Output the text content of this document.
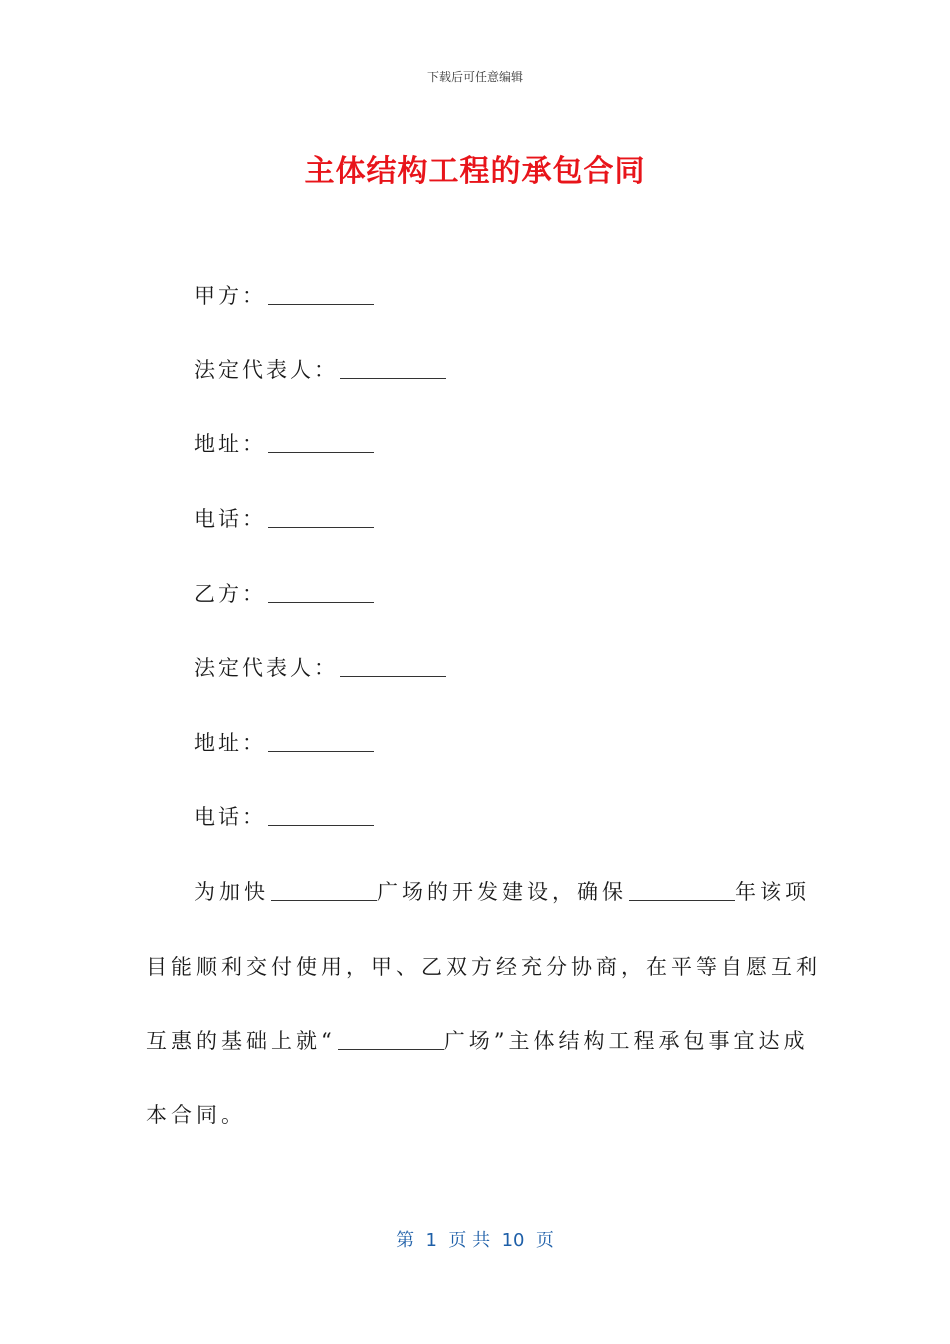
下载后可任意编辑
主体结构工程的承包合同
甲方：
法定代表人：
地址：
电话：
乙方：
法定代表人：
地址：
电话：
为加快	广场的开发建设，确保	年该项
目能顺利交付使用，甲、乙双方经充分协商，在平等自愿互利
互惠的基础上就“	广场”主体结构工程承包事宜达成
本合同。
第  1  页 共  10  页
